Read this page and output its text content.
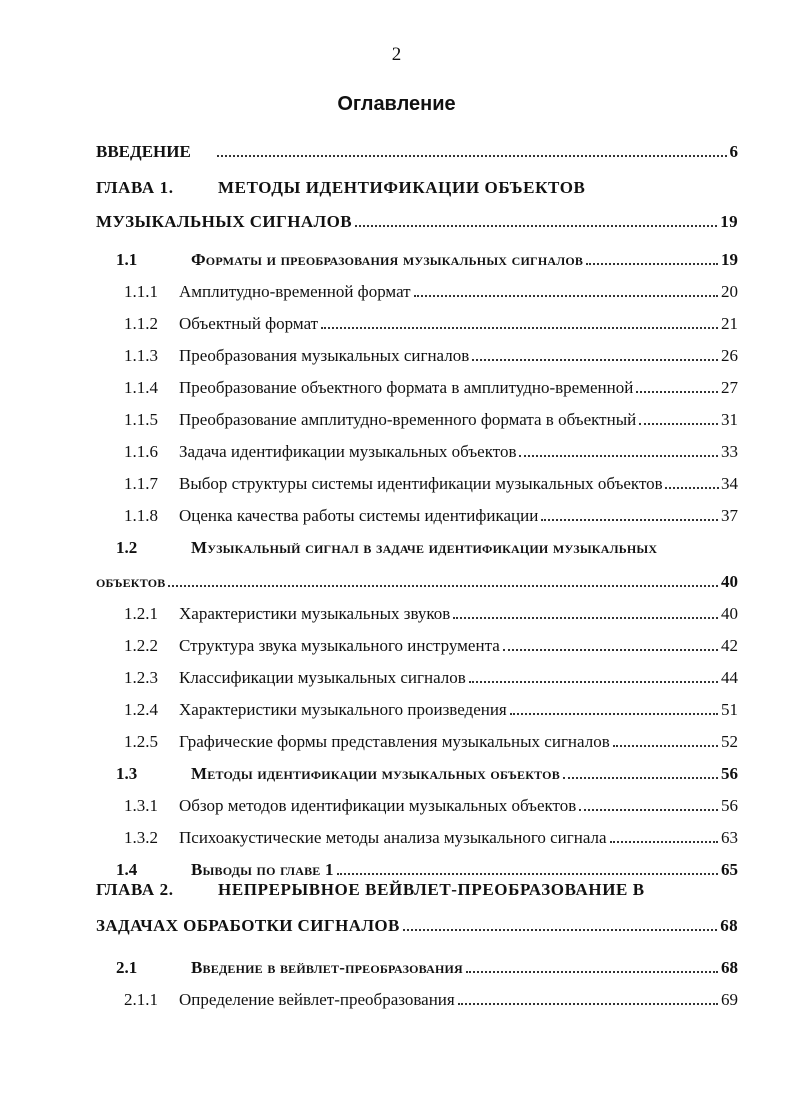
2
Оглавление
ВВЕДЕНИЕ	6
ГЛАВА 1.	МЕТОДЫ ИДЕНТИФИКАЦИИ ОБЪЕКТОВ
МУЗЫКАЛЬНЫХ СИГНАЛОВ	19
1.1	Форматы и преобразования музыкальных сигналов	19
1.1.1	Амплитудно-временной формат	20
1.1.2	Объектный формат	21
1.1.3	Преобразования музыкальных сигналов	26
1.1.4	Преобразование объектного формата в амплитудно-временной	27
1.1.5	Преобразование амплитудно-временного формата в объектный	31
1.1.6	Задача идентификации музыкальных объектов	33
1.1.7	Выбор структуры системы идентификации музыкальных объектов	34
1.1.8	Оценка качества работы системы идентификации	37
1.2	Музыкальный сигнал в задаче идентификации музыкальных
объектов	40
1.2.1	Характеристики музыкальных звуков	40
1.2.2	Структура звука музыкального инструмента	42
1.2.3	Классификации музыкальных сигналов	44
1.2.4	Характеристики музыкального произведения	51
1.2.5	Графические формы представления музыкальных сигналов	52
1.3	Методы идентификации музыкальных объектов	56
1.3.1	Обзор методов идентификации музыкальных объектов	56
1.3.2	Психоакустические методы анализа музыкального сигнала	63
1.4	Выводы по главе 1	65
ГЛАВА 2.	НЕПРЕРЫВНОЕ ВЕЙВЛЕТ-ПРЕОБРАЗОВАНИЕ В
ЗАДАЧАХ ОБРАБОТКИ СИГНАЛОВ	68
2.1	Введение в вейвлет-преобразования	68
2.1.1	Определение вейвлет-преобразования	69
